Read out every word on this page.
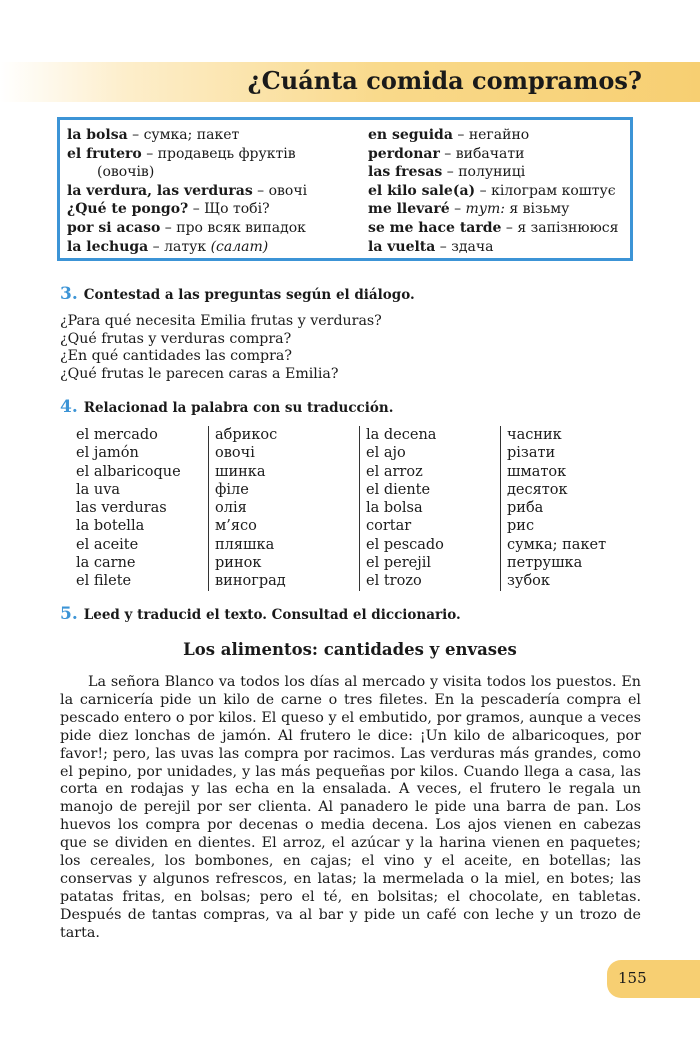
¿Cuánta comida compramos?
la bolsa – сумка; пакет
el frutero – продавець фруктів
(овочів)
la verdura, las verduras – овочі
¿Qué te pongo? – Що тобі?
por si acaso – про всяк випадок
la lechuga – латук (салат)
en seguida – негайно
perdonar – вибачати
las fresas – полуниці
el kilo sale(a) – кілограм коштує
me llevaré – тут: я візьму
se me hace tarde – я запізнююся
la vuelta – здача
3. Contestad a las preguntas según el diálogo.
¿Para qué necesita Emilia frutas y verduras?
¿Qué frutas y verduras compra?
¿En qué cantidades las compra?
¿Qué frutas le parecen caras a Emilia?
4. Relacionad la palabra con su traducción.
el mercado	абрикос	la decena	часник
el jamón	овочі	el ajo	різати
el albaricoque	шинка	el arroz	шматок
la uva	філе	el diente	десяток
las verduras	олія	la bolsa	риба
la botella	м’ясо	cortar	рис
el aceite	пляшка	el pescado	сумка; пакет
la carne	ринок	el perejil	петрушка
el filete	виноград	el trozo	зубок
5. Leed y traducid el texto. Consultad el diccionario.
Los alimentos: cantidades y envases

La señora Blanco va todos los días al mercado y visita todos los puestos. En la carnicería pide un kilo de carne o tres filetes. En la pescadería compra el pescado entero o por kilos. El queso y el embutido, por gramos, aunque a veces pide diez lonchas de jamón. Al frutero le dice: ¡Un kilo de albaricoques, por favor!; pero, las uvas las compra por racimos. Las verduras más grandes, como el pepino, por unidades, y las más pequeñas por kilos. Cuando llega a casa, las corta en rodajas y las echa en la ensalada. A veces, el frutero le regala un manojo de perejil por ser clienta. Al panadero le pide una barra de pan. Los huevos los compra por decenas o media decena. Los ajos vienen en cabezas que se dividen en dientes. El arroz, el azúcar y la harina vienen en paquetes; los cereales, los bombones, en cajas; el vino y el aceite, en botellas; las conservas y algunos refrescos, en latas; la mermelada o la miel, en botes; las patatas fritas, en bolsas; pero el té, en bolsitas; el chocolate, en tabletas. Después de tantas compras, va al bar y pide un café con leche y un trozo de tarta.

155
